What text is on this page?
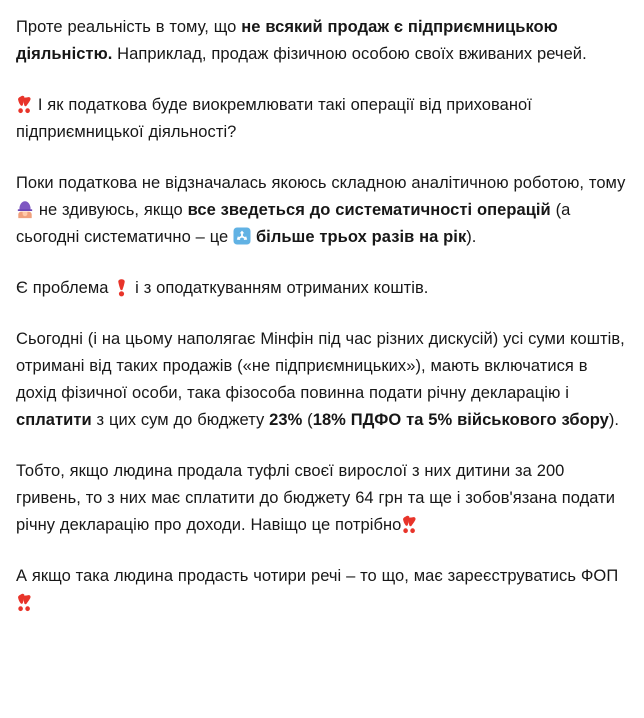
Проте реальність в тому, що не всякий продаж є підприємницькою діяльністю. Наприклад, продаж фізичною особою своїх вживаних речей.

І як податкова буде виокремлювати такі операції від прихованої підприємницької діяльності?

Поки податкова не відзначалась якоюсь складною аналітичною роботою, тому
не здивуюсь, якщо все зведеться до систематичності операцій (а сьогодні систематично – це
більше трьох разів на рік).

Є проблема
і з оподаткуванням отриманих коштів.

Сьогодні (і на цьому наполягає Мінфін під час різних дискусій) усі суми коштів, отримані від таких продажів («не підприємницьких»), мають включатися в дохід фізичної особи, така фізособа повинна подати річну декларацію і сплатити з цих сум до бюджету 23% (18% ПДФО та 5% військового збору).

Тобто, якщо людина продала туфлі своєї вирослої з них дитини за 200 гривень, то з них має сплатити до бюджету 64 грн та ще і зобов'язана подати річну декларацію про доходи. Навіщо це потрібно

А якщо така людина продасть чотири речі – то що, має зареєструватись ФОП
